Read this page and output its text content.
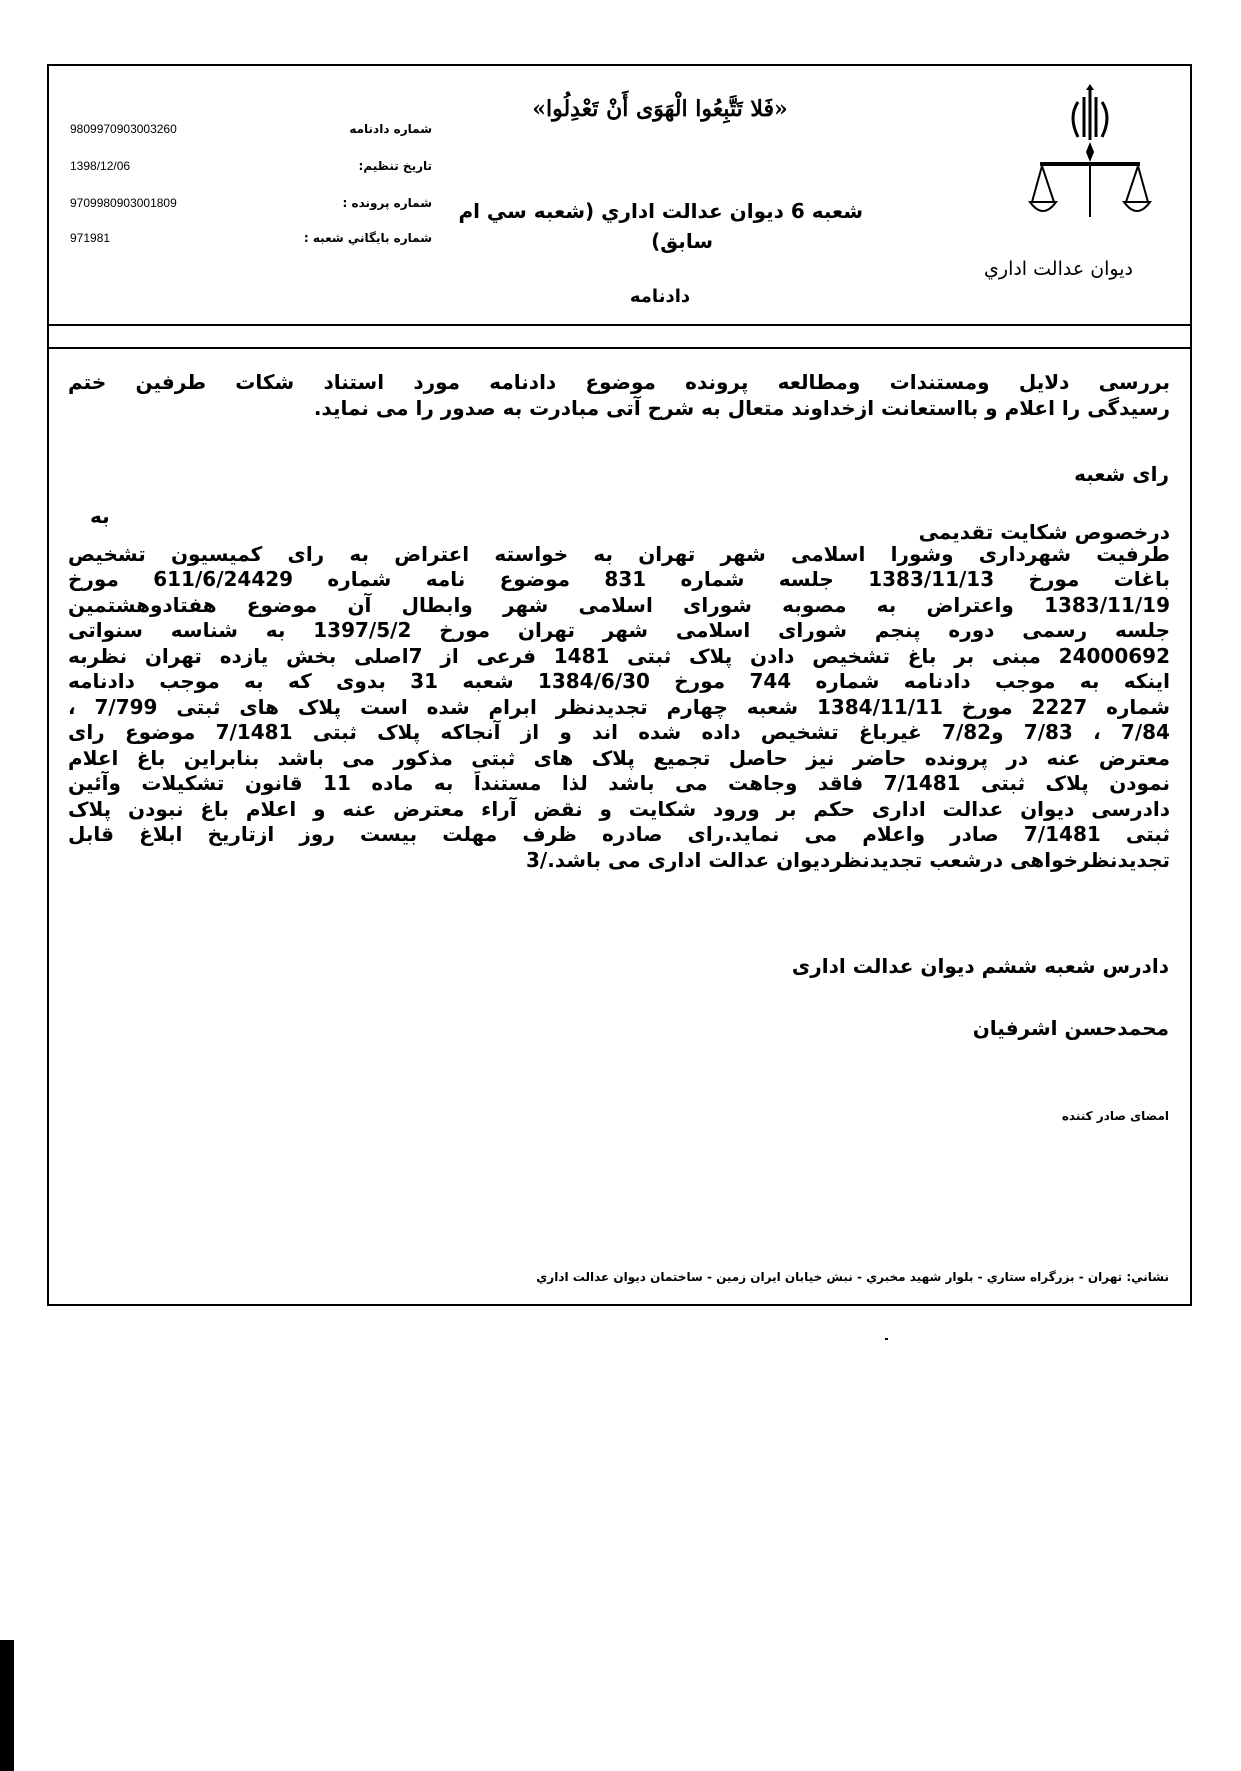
«فَلا تَتَّبِعُوا الْهَوَى أَنْ تَعْدِلُوا»
9809970903003260	شماره دادنامه
1398/12/06	تاريخ تنظيم:
9709980903001809	شماره پرونده :
971981	شماره بايگاني شعبه :
شعبه 6 ديوان عدالت اداري (شعبه سي ام
سابق)
ديوان عدالت اداري
دادنامه
بررسی دلایل ومستندات ومطالعه پرونده موضوع دادنامه مورد استناد شکات طرفین ختم
رسیدگی را اعلام و بااستعانت ازخداوند متعال به شرح آتی مبادرت به صدور را می نماید.
رای شعبه
درخصوص شکایت تقدیمی
به
طرفیت شهرداری وشورا اسلامی شهر تهران به خواسته اعتراض به رای کمیسیون تشخیص
باغات مورخ 1383/11/13 جلسه شماره 831 موضوع نامه شماره 611/6/24429 مورخ
1383/11/19 واعتراض به مصوبه شورای اسلامی شهر وابطال آن موضوع هفتادوهشتمین
جلسه رسمی دوره پنجم شورای اسلامی شهر تهران مورخ 1397/5/2 به شناسه سنواتی
24000692 مبنی بر باغ تشخیص دادن پلاک ثبتی 1481 فرعی از 7اصلی بخش یازده تهران نظربه
اینکه به موجب دادنامه شماره 744 مورخ 1384/6/30 شعبه 31 بدوی که به موجب دادنامه
شماره 2227 مورخ 1384/11/11 شعبه چهارم تجدیدنظر ابرام شده است پلاک های ثبتی 7/799 ،
7/84 ، 7/83 و7/82 غیرباغ تشخیص داده شده اند و از آنجاکه پلاک ثبتی 7/1481 موضوع رای
معترض عنه در پرونده حاضر نیز حاصل تجمیع پلاک های ثبتی مذکور می باشد بنابراین باغ اعلام
نمودن پلاک ثبتی 7/1481 فاقد وجاهت می باشد لذا مستنداً به ماده 11 قانون تشکیلات وآئین
دادرسی دیوان عدالت اداری حکم بر ورود شکایت و نقض آراء معترض عنه و اعلام باغ نبودن پلاک
ثبتی 7/1481 صادر واعلام می نماید.رای صادره ظرف مهلت بیست روز ازتاریخ ابلاغ قابل
تجدیدنظرخواهی درشعب تجدیدنظردیوان عدالت اداری می باشد./3
دادرس شعبه ششم دیوان عدالت اداری
محمدحسن اشرفیان
امضای صادر کننده
نشاني: تهران - بزرگراه ستاري - بلوار شهيد مخبري - نبش خيابان ايران زمين - ساختمان ديوان عدالت اداري
